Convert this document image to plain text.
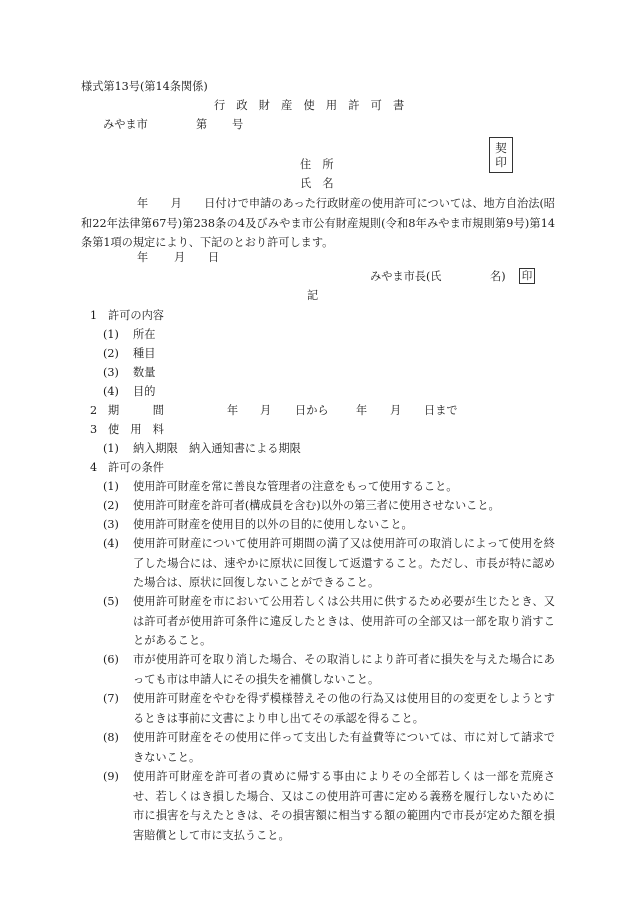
様式第13号(第14条関係)
行　政　財　産　使　用　許　可　書
みやま市	第 号
契
印
住　所
氏　名

年　　月　　日付けで申請のあった行政財産の使用許可については、地方自治法(昭和22年法律第67号)第238条の4及びみやま市公有財産規則(令和8年みやま市規則第9号)第14条第1項の規定により、下記のとおり許可します。

年 月 日
みやま市長(氏	名) 印
記
1 許可の内容
(1) 所在
(2) 種目
(3) 数量
(4) 目的
2 期　　　間	年 月 日から 年 月 日まで
3 使　用　料
(1) 納入期限　納入通知書による期限
4 許可の条件
(1) 使用許可財産を常に善良な管理者の注意をもって使用すること。
(2) 使用許可財産を許可者(構成員を含む)以外の第三者に使用させないこと。
(3) 使用許可財産を使用目的以外の目的に使用しないこと。
(4) 使用許可財産について使用許可期間の満了又は使用許可の取消しによって使用を終了した場合には、速やかに原状に回復して返還すること。ただし、市長が特に認めた場合は、原状に回復しないことができること。
(5) 使用許可財産を市において公用若しくは公共用に供するため必要が生じたとき、又は許可者が使用許可条件に違反したときは、使用許可の全部又は一部を取り消すことがあること。
(6) 市が使用許可を取り消した場合、その取消しにより許可者に損失を与えた場合にあっても市は申請人にその損失を補償しないこと。
(7) 使用許可財産をやむを得ず模様替えその他の行為又は使用目的の変更をしようとするときは事前に文書により申し出てその承認を得ること。
(8) 使用許可財産をその使用に伴って支出した有益費等については、市に対して請求できないこと。
(9) 使用許可財産を許可者の責めに帰する事由によりその全部若しくは一部を荒廃させ、若しくはき損した場合、又はこの使用許可書に定める義務を履行しないために市に損害を与えたときは、その損害額に相当する額の範囲内で市長が定めた額を損害賠償として市に支払うこと。
